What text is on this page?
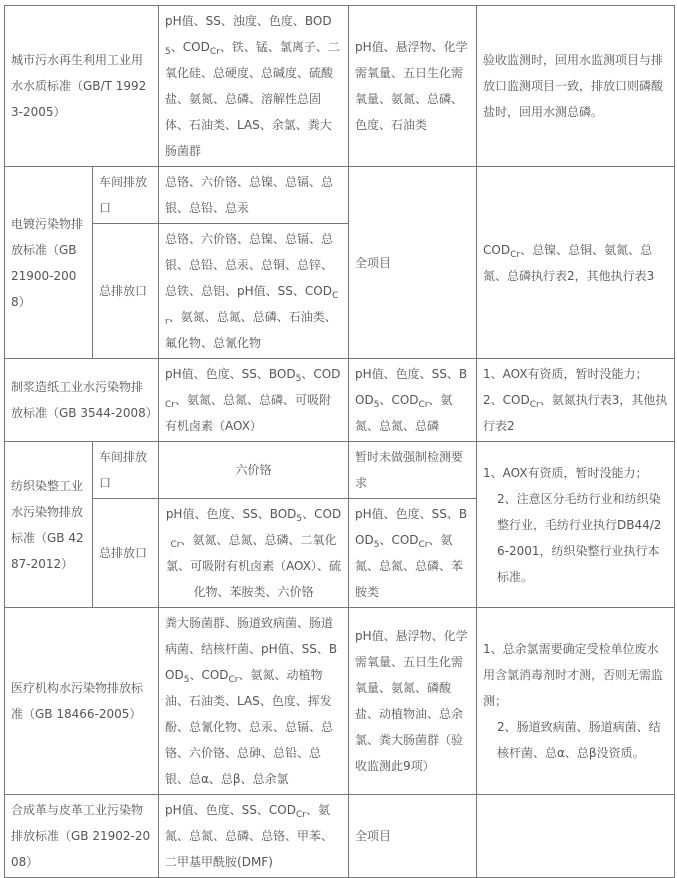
城市污水再生利用工业用水水质标准（GB/T 19923-2005）		pH值、SS、浊度、色度、$BOD_5$、$COD_{Cr}$、铁、锰、氯离子、二氧化硅、总硬度、总碱度、硫酸盐、氨氮、总磷、溶解性总固体、石油类、LAS、余氯、粪大肠菌群	pH值、悬浮物、化学需氧量、五日生化需氧量、氨氮、总磷、色度、石油类	验收监测时，回用水监测项目与排放口监测项目一致，排放口则磷酸盐时，回用水测总磷。
电镀污染物排放标准（GB 21900-2008）	车间排放口	总铬、六价铬、总镍、总镉、总银、总铅、总汞	全项目	$COD_{Cr}$、总镍、总铜、氨氮、总氮、总磷执行表2，其他执行表3
	总排放口	总铬、六价铬、总镍、总镉、总银、总铅、总汞、总铜、总锌、总铁、总铝、pH值、SS、$COD_{Cr}$、氨氮、总氮、总磷、石油类、氟化物、总氰化物		
制浆造纸工业水污染物排放标准（GB 3544-2008）		pH值、色度、SS、$BOD_5$、$COD_{Cr}$、氨氮、总氮、总磷、可吸附有机卤素（AOX）	pH值、色度、SS、$BOD_5$、$COD_{Cr}$、氨氮、总氮、总磷	1、AOX有资质，暂时没能力；
2、$COD_{Cr}$、氨氮执行表3，其他执行表2

纺织染整工业水污染物排放标准（GB 4287-2012）	车间排放口	六价铬	暂时未做强制检测要求	1、AOX有资质，暂时没能力；
2、注意区分毛纺行业和纺织染整行业，毛纺行业执行DB44/26-2001，纺织染整行业执行本标准。

	总排放口	pH值、色度、SS、$BOD_5$、$COD_{Cr}$、氨氮、总氮、总磷、二氧化氯、可吸附有机卤素（AOX）、硫化物、苯胺类、六价铬	pH值、色度、SS、$BOD_5$、$COD_{Cr}$、氨氮、总氮、总磷、苯胺类	
医疗机构水污染物排放标准（GB 18466-2005）		粪大肠菌群、肠道致病菌、肠道病菌、结核杆菌、pH值、SS、$BOD_5$、$COD_{Cr}$、氨氮、动植物油、石油类、LAS、色度、挥发酚、总氰化物、总汞、总镉、总铬、六价铬、总砷、总铅、总银、总α、总β、总余氯	pH值、悬浮物、化学需氧量、五日生化需氧量、氨氮、磷酸盐、动植物油、总余氯、粪大肠菌群（验收监测此9项）	1、总余氯需要确定受检单位废水用含氯消毒剂时才测，否则无需监测；
2、肠道致病菌、肠道病菌、结核杆菌、总α、总β没资质。

合成革与皮革工业污染物排放标准（GB 21902-2008）		pH值、色度、SS、$COD_{Cr}$、氨氮、总氮、总磷、总铬、甲苯、二甲基甲酰胺(DMF)	全项目	
